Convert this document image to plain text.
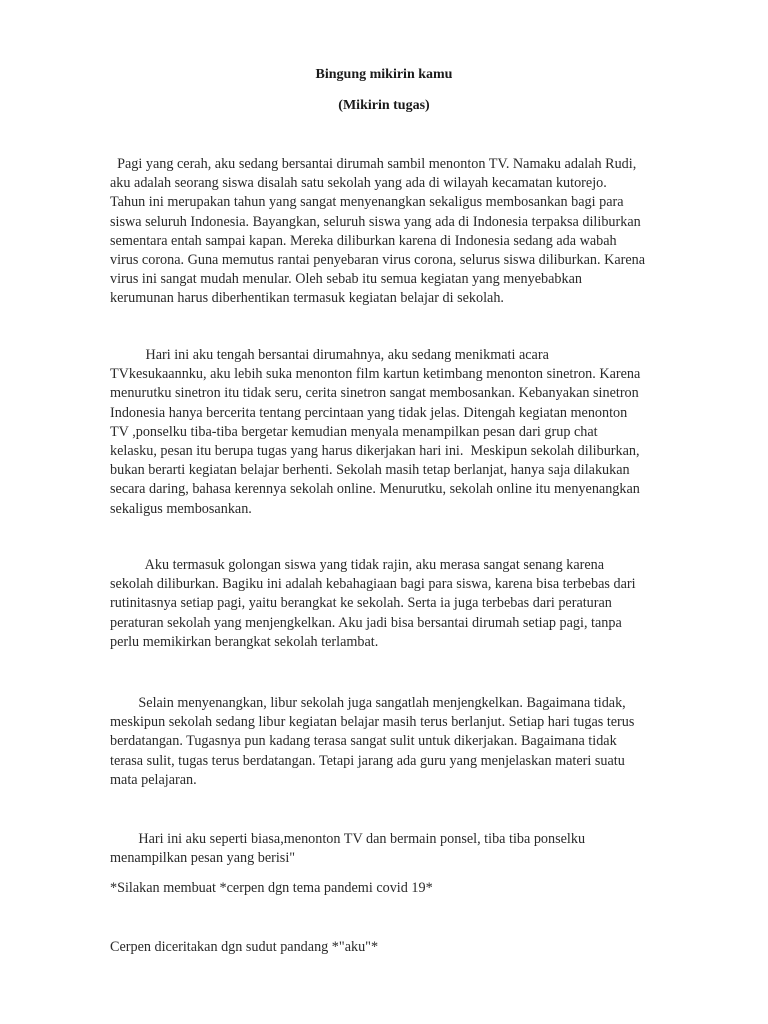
Bingung mikirin kamu
(Mikirin tugas)
Pagi yang cerah, aku sedang bersantai dirumah sambil menonton TV. Namaku adalah Rudi,
aku adalah seorang siswa disalah satu sekolah yang ada di wilayah kecamatan kutorejo.
Tahun ini merupakan tahun yang sangat menyenangkan sekaligus membosankan bagi para
siswa seluruh Indonesia. Bayangkan, seluruh siswa yang ada di Indonesia terpaksa diliburkan
sementara entah sampai kapan. Mereka diliburkan karena di Indonesia sedang ada wabah
virus corona. Guna memutus rantai penyebaran virus corona, selurus siswa diliburkan. Karena
virus ini sangat mudah menular. Oleh sebab itu semua kegiatan yang menyebabkan
kerumunan harus diberhentikan termasuk kegiatan belajar di sekolah.
Hari ini aku tengah bersantai dirumahnya, aku sedang menikmati acara
TVkesukaannku, aku lebih suka menonton film kartun ketimbang menonton sinetron. Karena
menurutku sinetron itu tidak seru, cerita sinetron sangat membosankan. Kebanyakan sinetron
Indonesia hanya bercerita tentang percintaan yang tidak jelas. Ditengah kegiatan menonton
TV ,ponselku tiba-tiba bergetar kemudian menyala menampilkan pesan dari grup chat
kelasku, pesan itu berupa tugas yang harus dikerjakan hari ini.  Meskipun sekolah diliburkan,
bukan berarti kegiatan belajar berhenti. Sekolah masih tetap berlanjat, hanya saja dilakukan
secara daring, bahasa kerennya sekolah online. Menurutku, sekolah online itu menyenangkan
sekaligus membosankan.
Aku termasuk golongan siswa yang tidak rajin, aku merasa sangat senang karena
sekolah diliburkan. Bagiku ini adalah kebahagiaan bagi para siswa, karena bisa terbebas dari
rutinitasnya setiap pagi, yaitu berangkat ke sekolah. Serta ia juga terbebas dari peraturan
peraturan sekolah yang menjengkelkan. Aku jadi bisa bersantai dirumah setiap pagi, tanpa
perlu memikirkan berangkat sekolah terlambat.
Selain menyenangkan, libur sekolah juga sangatlah menjengkelkan. Bagaimana tidak,
meskipun sekolah sedang libur kegiatan belajar masih terus berlanjut. Setiap hari tugas terus
berdatangan. Tugasnya pun kadang terasa sangat sulit untuk dikerjakan. Bagaimana tidak
terasa sulit, tugas terus berdatangan. Tetapi jarang ada guru yang menjelaskan materi suatu
mata pelajaran.
Hari ini aku seperti biasa,menonton TV dan bermain ponsel, tiba tiba ponselku
menampilkan pesan yang berisi"
*Silakan membuat *cerpen dgn tema pandemi covid 19*
Cerpen diceritakan dgn sudut pandang *"aku"*
